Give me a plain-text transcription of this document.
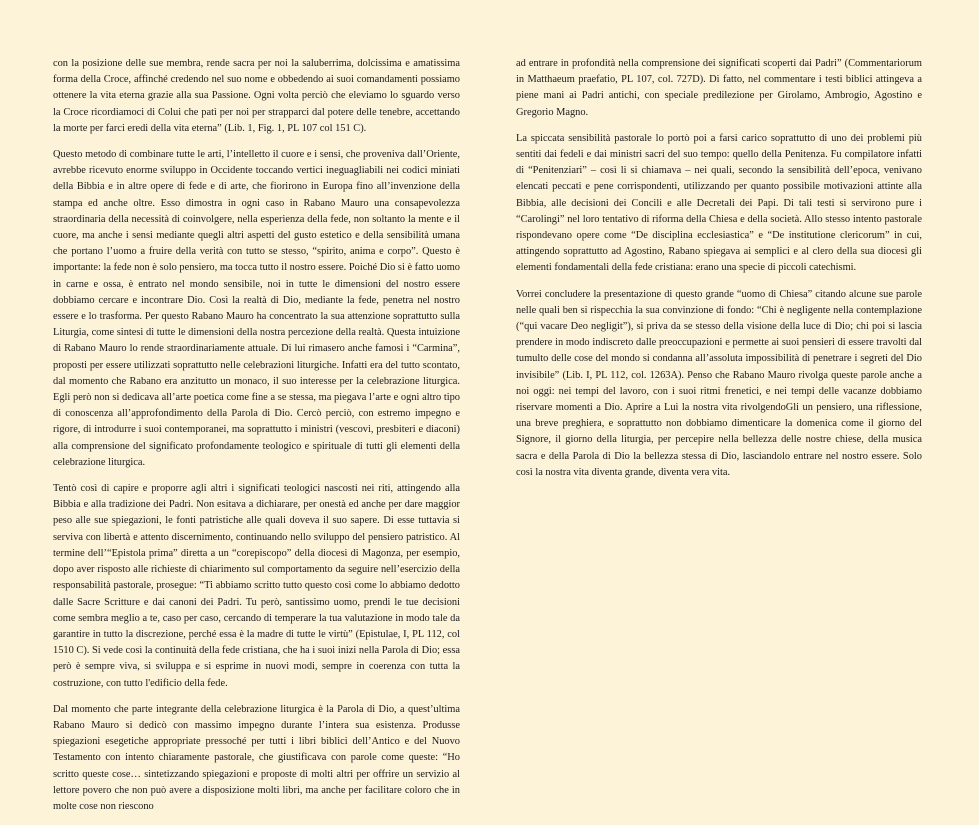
con la posizione delle sue membra, rende sacra per noi la saluberrima, dolcissima e amatissima forma della Croce, affinché credendo nel suo nome e obbedendo ai suoi comandamenti possiamo ottenere la vita eterna grazie alla sua Passione. Ogni volta perciò che eleviamo lo sguardo verso la Croce ricordiamoci di Colui che patì per noi per strapparci dal potere delle tenebre, accettando la morte per farci eredi della vita eterna” (Lib. 1, Fig. 1, PL 107 col 151 C).

Questo metodo di combinare tutte le arti, l’intelletto il cuore e i sensi, che proveniva dall’Oriente, avrebbe ricevuto enorme sviluppo in Occidente toccando vertici ineguagliabili nei codici miniati della Bibbia e in altre opere di fede e di arte, che fiorirono in Europa fino all’invenzione della stampa ed anche oltre. Esso dimostra in ogni caso in Rabano Mauro una consapevolezza straordinaria della necessità di coinvolgere, nella esperienza della fede, non soltanto la mente e il cuore, ma anche i sensi mediante quegli altri aspetti del gusto estetico e della sensibilità umana che portano l’uomo a fruire della verità con tutto se stesso, “spirito, anima e corpo”. Questo è importante: la fede non è solo pensiero, ma tocca tutto il nostro essere. Poiché Dio si è fatto uomo in carne e ossa, è entrato nel mondo sensibile, noi in tutte le dimensioni del nostro essere dobbiamo cercare e incontrare Dio. Così la realtà di Dio, mediante la fede, penetra nel nostro essere e lo trasforma. Per questo Rabano Mauro ha concentrato la sua attenzione soprattutto sulla Liturgia, come sintesi di tutte le dimensioni della nostra percezione della realtà. Questa intuizione di Rabano Mauro lo rende straordinariamente attuale. Di lui rimasero anche famosi i “Carmina”, proposti per essere utilizzati soprattutto nelle celebrazioni liturgiche. Infatti era del tutto scontato, dal momento che Rabano era anzitutto un monaco, il suo interesse per la celebrazione liturgica. Egli però non si dedicava all’arte poetica come fine a se stessa, ma piegava l’arte e ogni altro tipo di conoscenza all’approfondimento della Parola di Dio. Cercò perciò, con estremo impegno e rigore, di introdurre i suoi contemporanei, ma soprattutto i ministri (vescovi, presbiteri e diaconi) alla comprensione del significato profondamente teologico e spirituale di tutti gli elementi della celebrazione liturgica.

Tentò così di capire e proporre agli altri i significati teologici nascosti nei riti, attingendo alla Bibbia e alla tradizione dei Padri. Non esitava a dichiarare, per onestà ed anche per dare maggior peso alle sue spiegazioni, le fonti patristiche alle quali doveva il suo sapere. Di esse tuttavia si serviva con libertà e attento discernimento, continuando nello sviluppo del pensiero patristico. Al termine dell’“Epistola prima” diretta a un “corepiscopo” della diocesi di Magonza, per esempio, dopo aver risposto alle richieste di chiarimento sul comportamento da seguire nell’esercizio della responsabilità pastorale, prosegue: “Ti abbiamo scritto tutto questo così come lo abbiamo dedotto dalle Sacre Scritture e dai canoni dei Padri. Tu però, santissimo uomo, prendi le tue decisioni come sembra meglio a te, caso per caso, cercando di temperare la tua valutazione in modo tale da garantire in tutto la discrezione, perché essa è la madre di tutte le virtù” (Epistulae, I, PL 112, col 1510 C). Si vede così la continuità della fede cristiana, che ha i suoi inizi nella Parola di Dio; essa però è sempre viva, si sviluppa e si esprime in nuovi modi, sempre in coerenza con tutta la costruzione, con tutto l'edificio della fede.

Dal momento che parte integrante della celebrazione liturgica è la Parola di Dio, a quest’ultima Rabano Mauro si dedicò con massimo impegno durante l’intera sua esistenza. Produsse spiegazioni esegetiche appropriate pressoché per tutti i libri biblici dell’Antico e del Nuovo Testamento con intento chiaramente pastorale, che giustificava con parole come queste: “Ho scritto queste cose… sintetizzando spiegazioni e proposte di molti altri per offrire un servizio al lettore povero che non può avere a disposizione molti libri, ma anche per facilitare coloro che in molte cose non riescono

ad entrare in profondità nella comprensione dei significati scoperti dai Padri” (Commentariorum in Matthaeum praefatio, PL 107, col. 727D). Di fatto, nel commentare i testi biblici attingeva a piene mani ai Padri antichi, con speciale predilezione per Girolamo, Ambrogio, Agostino e Gregorio Magno.

La spiccata sensibilità pastorale lo portò poi a farsi carico soprattutto di uno dei problemi più sentiti dai fedeli e dai ministri sacri del suo tempo: quello della Penitenza. Fu compilatore infatti di “Penitenziari” – così li si chiamava – nei quali, secondo la sensibilità dell’epoca, venivano elencati peccati e pene corrispondenti, utilizzando per quanto possibile motivazioni attinte alla Bibbia, alle decisioni dei Concili e alle Decretali dei Papi. Di tali testi si servirono pure i “Carolingi” nel loro tentativo di riforma della Chiesa e della società. Allo stesso intento pastorale rispondevano opere come “De disciplina ecclesiastica” e “De institutione clericorum” in cui, attingendo soprattutto ad Agostino, Rabano spiegava ai semplici e al clero della sua diocesi gli elementi fondamentali della fede cristiana: erano una specie di piccoli catechismi.

Vorrei concludere la presentazione di questo grande “uomo di Chiesa” citando alcune sue parole nelle quali ben si rispecchia la sua convinzione di fondo: “Chi è negligente nella contemplazione (“qui vacare Deo negligit”), si priva da se stesso della visione della luce di Dio; chi poi si lascia prendere in modo indiscreto dalle preoccupazioni e permette ai suoi pensieri di essere travolti dal tumulto delle cose del mondo si condanna all’assoluta impossibilità di penetrare i segreti del Dio invisibile” (Lib. I, PL 112, col. 1263A). Penso che Rabano Mauro rivolga queste parole anche a noi oggi: nei tempi del lavoro, con i suoi ritmi frenetici, e nei tempi delle vacanze dobbiamo riservare momenti a Dio. Aprire a Lui la nostra vita rivolgendoGli un pensiero, una riflessione, una breve preghiera, e soprattutto non dobbiamo dimenticare la domenica come il giorno del Signore, il giorno della liturgia, per percepire nella bellezza delle nostre chiese, della musica sacra e della Parola di Dio la bellezza stessa di Dio, lasciandolo entrare nel nostro essere. Solo così la nostra vita diventa grande, diventa vera vita.
